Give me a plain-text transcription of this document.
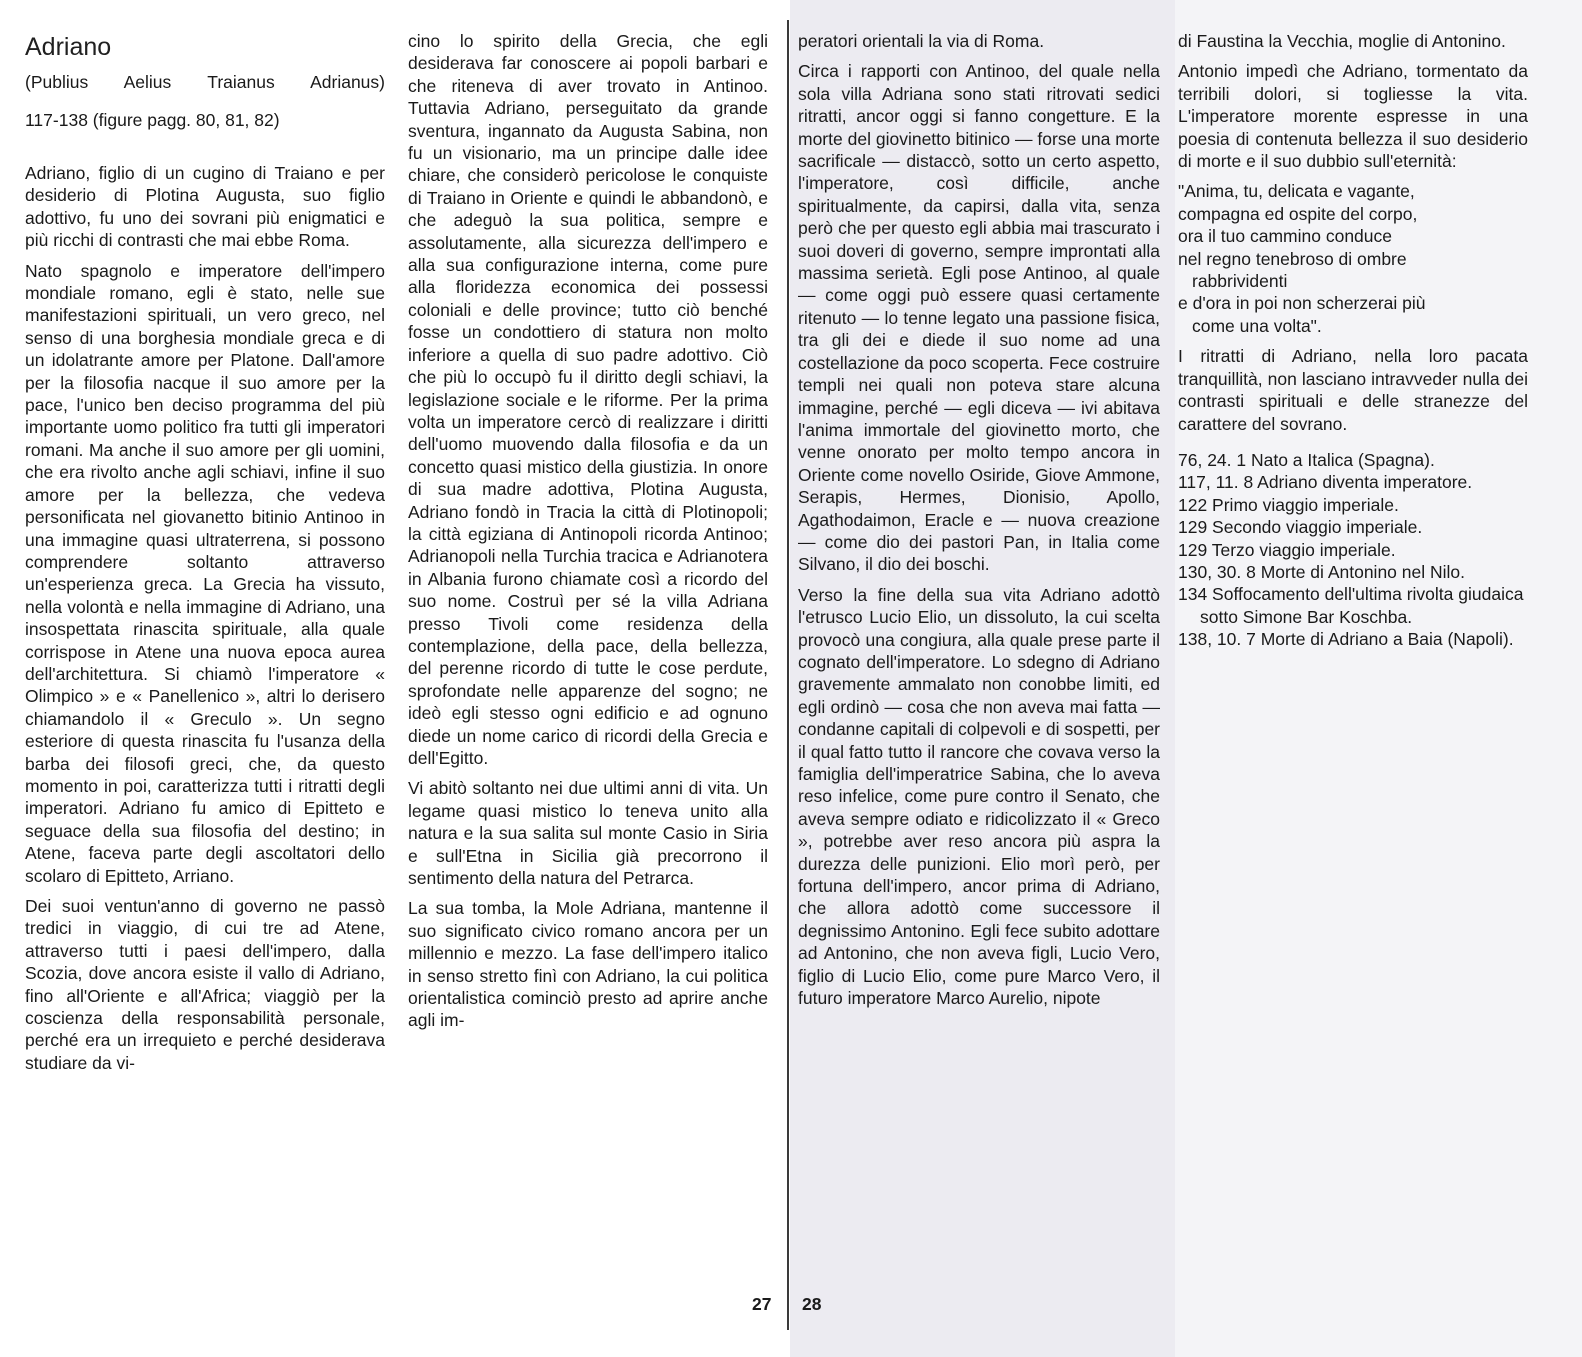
Adriano
(Publius Aelius Traianus Adrianus)
117-138 (figure pagg. 80, 81, 82)

Adriano, figlio di un cugino di Traiano e per desiderio di Plotina Augusta, suo figlio adottivo, fu uno dei sovrani più enigmatici e più ricchi di contrasti che mai ebbe Roma.

Nato spagnolo e imperatore dell'impero mondiale romano, egli è stato, nelle sue manifestazioni spirituali, un vero greco, nel senso di una borghesia mondiale greca e di un idolatrante amore per Platone. Dall'amore per la filosofia nacque il suo amore per la pace, l'unico ben deciso programma del più importante uomo politico fra tutti gli imperatori romani. Ma anche il suo amore per gli uomini, che era rivolto anche agli schiavi, infine il suo amore per la bellezza, che vedeva personificata nel giovanetto bitinio Antinoo in una immagine quasi ultraterrena, si possono comprendere soltanto attraverso un'esperienza greca. La Grecia ha vissuto, nella volontà e nella immagine di Adriano, una insospettata rinascita spirituale, alla quale corrispose in Atene una nuova epoca aurea dell'architettura. Si chiamò l'imperatore « Olimpico » e « Panellenico », altri lo derisero chiamandolo il « Greculo ». Un segno esteriore di questa rinascita fu l'usanza della barba dei filosofi greci, che, da questo momento in poi, caratterizza tutti i ritratti degli imperatori. Adriano fu amico di Epitteto e seguace della sua filosofia del destino; in Atene, faceva parte degli ascoltatori dello scolaro di Epitteto, Arriano.

Dei suoi ventun'anno di governo ne passò tredici in viaggio, di cui tre ad Atene, attraverso tutti i paesi dell'impero, dalla Scozia, dove ancora esiste il vallo di Adriano, fino all'Oriente e all'Africa; viaggiò per la coscienza della responsabilità personale, perché era un irrequieto e perché desiderava studiare da vi-

cino lo spirito della Grecia, che egli desiderava far conoscere ai popoli barbari e che riteneva di aver trovato in Antinoo. Tuttavia Adriano, perseguitato da grande sventura, ingannato da Augusta Sabina, non fu un visionario, ma un principe dalle idee chiare, che considerò pericolose le conquiste di Traiano in Oriente e quindi le abbandonò, e che adeguò la sua politica, sempre e assolutamente, alla sicurezza dell'impero e alla sua configurazione interna, come pure alla floridezza economica dei possessi coloniali e delle province; tutto ciò benché fosse un condottiero di statura non molto inferiore a quella di suo padre adottivo. Ciò che più lo occupò fu il diritto degli schiavi, la legislazione sociale e le riforme. Per la prima volta un imperatore cercò di realizzare i diritti dell'uomo muovendo dalla filosofia e da un concetto quasi mistico della giustizia. In onore di sua madre adottiva, Plotina Augusta, Adriano fondò in Tracia la città di Plotinopoli; la città egiziana di Antinopoli ricorda Antinoo; Adrianopoli nella Turchia tracica e Adrianotera in Albania furono chiamate così a ricordo del suo nome. Costruì per sé la villa Adriana presso Tivoli come residenza della contemplazione, della pace, della bellezza, del perenne ricordo di tutte le cose perdute, sprofondate nelle apparenze del sogno; ne ideò egli stesso ogni edificio e ad ognuno diede un nome carico di ricordi della Grecia e dell'Egitto.

Vi abitò soltanto nei due ultimi anni di vita. Un legame quasi mistico lo teneva unito alla natura e la sua salita sul monte Casio in Siria e sull'Etna in Sicilia già precorrono il sentimento della natura del Petrarca.

La sua tomba, la Mole Adriana, mantenne il suo significato civico romano ancora per un millennio e mezzo. La fase dell'impero italico in senso stretto finì con Adriano, la cui politica orientalistica cominciò presto ad aprire anche agli im-

27

peratori orientali la via di Roma.

Circa i rapporti con Antinoo, del quale nella sola villa Adriana sono stati ritrovati sedici ritratti, ancor oggi si fanno congetture. E la morte del giovinetto bitinico — forse una morte sacrificale — distaccò, sotto un certo aspetto, l'imperatore, così difficile, anche spiritualmente, da capirsi, dalla vita, senza però che per questo egli abbia mai trascurato i suoi doveri di governo, sempre improntati alla massima serietà. Egli pose Antinoo, al quale — come oggi può essere quasi certamente ritenuto — lo tenne legato una passione fisica, tra gli dei e diede il suo nome ad una costellazione da poco scoperta. Fece costruire templi nei quali non poteva stare alcuna immagine, perché — egli diceva — ivi abitava l'anima immortale del giovinetto morto, che venne onorato per molto tempo ancora in Oriente come novello Osiride, Giove Ammone, Serapis, Hermes, Dionisio, Apollo, Agathodaimon, Eracle e — nuova creazione — come dio dei pastori Pan, in Italia come Silvano, il dio dei boschi.

Verso la fine della sua vita Adriano adottò l'etrusco Lucio Elio, un dissoluto, la cui scelta provocò una congiura, alla quale prese parte il cognato dell'imperatore. Lo sdegno di Adriano gravemente ammalato non conobbe limiti, ed egli ordinò — cosa che non aveva mai fatta — condanne capitali di colpevoli e di sospetti, per il qual fatto tutto il rancore che covava verso la famiglia dell'imperatrice Sabina, che lo aveva reso infelice, come pure contro il Senato, che aveva sempre odiato e ridicolizzato il « Greco », potrebbe aver reso ancora più aspra la durezza delle punizioni. Elio morì però, per fortuna dell'impero, ancor prima di Adriano, che allora adottò come successore il degnissimo Antonino. Egli fece subito adottare ad Antonino, che non aveva figli, Lucio Vero, figlio di Lucio Elio, come pure Marco Vero, il futuro imperatore Marco Aurelio, nipote

di Faustina la Vecchia, moglie di Antonino.

Antonio impedì che Adriano, tormentato da terribili dolori, si togliesse la vita. L'imperatore morente espresse in una poesia di contenuta bellezza il suo desiderio di morte e il suo dubbio sull'eternità:

"Anima, tu, delicata e vagante,
compagna ed ospite del corpo,
ora il tuo cammino conduce
nel regno tenebroso di ombre
rabbrividenti
e d'ora in poi non scherzerai più
come una volta".

I ritratti di Adriano, nella loro pacata tranquillità, non lasciano intravveder nulla dei contrasti spirituali e delle stranezze del carattere del sovrano.

76, 24. 1 Nato a Italica (Spagna).
117, 11. 8 Adriano diventa imperatore.
122 Primo viaggio imperiale.
129 Secondo viaggio imperiale.
129 Terzo viaggio imperiale.
130, 30. 8 Morte di Antonino nel Nilo.
134 Soffocamento dell'ultima rivolta giudaica sotto Simone Bar Koschba.
138, 10. 7 Morte di Adriano a Baia (Napoli).
28
